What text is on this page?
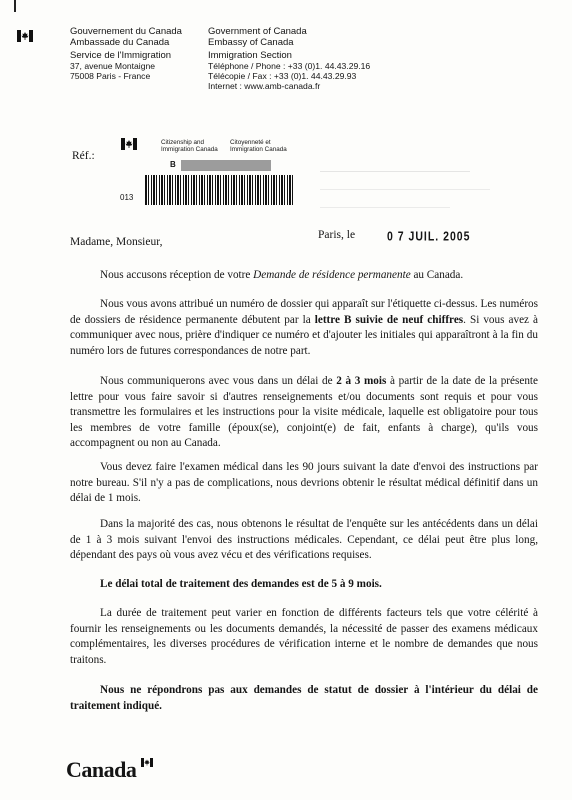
Gouvernement du Canada
Ambassade du Canada
Service de l'Immigration
37, avenue Montaigne
75008 Paris - France
Government of Canada
Embassy of Canada
Immigration Section
Téléphone / Phone : +33 (0)1. 44.43.29.16
Télécopie / Fax : +33 (0)1. 44.43.29.93
Internet : www.amb-canada.fr
Réf.:
Citizenship and Immigration Canada
Citoyenneté et Immigration Canada
B
013
Paris, le	0 7 JUIL. 2005
Madame, Monsieur,
Nous accusons réception de votre Demande de résidence permanente au Canada.
Nous vous avons attribué un numéro de dossier qui apparaît sur l'étiquette ci-dessus. Les numéros de dossiers de résidence permanente débutent par la lettre B suivie de neuf chiffres. Si vous avez à communiquer avec nous, prière d'indiquer ce numéro et d'ajouter les initiales qui apparaîtront à la fin du numéro lors de futures correspondances de notre part.
Nous communiquerons avec vous dans un délai de 2 à 3 mois à partir de la date de la présente lettre pour vous faire savoir si d'autres renseignements et/ou documents sont requis et pour vous transmettre les formulaires et les instructions pour la visite médicale, laquelle est obligatoire pour tous les membres de votre famille (époux(se), conjoint(e) de fait, enfants à charge), qu'ils vous accompagnent ou non au Canada.
Vous devez faire l'examen médical dans les 90 jours suivant la date d'envoi des instructions par notre bureau. S'il n'y a pas de complications, nous devrions obtenir le résultat médical définitif dans un délai de 1 mois.
Dans la majorité des cas, nous obtenons le résultat de l'enquête sur les antécédents dans un délai de 1 à 3 mois suivant l'envoi des instructions médicales. Cependant, ce délai peut être plus long, dépendant des pays où vous avez vécu et des vérifications requises.
Le délai total de traitement des demandes est de 5 à 9 mois.
La durée de traitement peut varier en fonction de différents facteurs tels que votre célérité à fournir les renseignements ou les documents demandés, la nécessité de passer des examens médicaux complémentaires, les diverses procédures de vérification interne et le nombre de demandes que nous traitons.
Nous ne répondrons pas aux demandes de statut de dossier à l'intérieur du délai de traitement indiqué.
Canada
